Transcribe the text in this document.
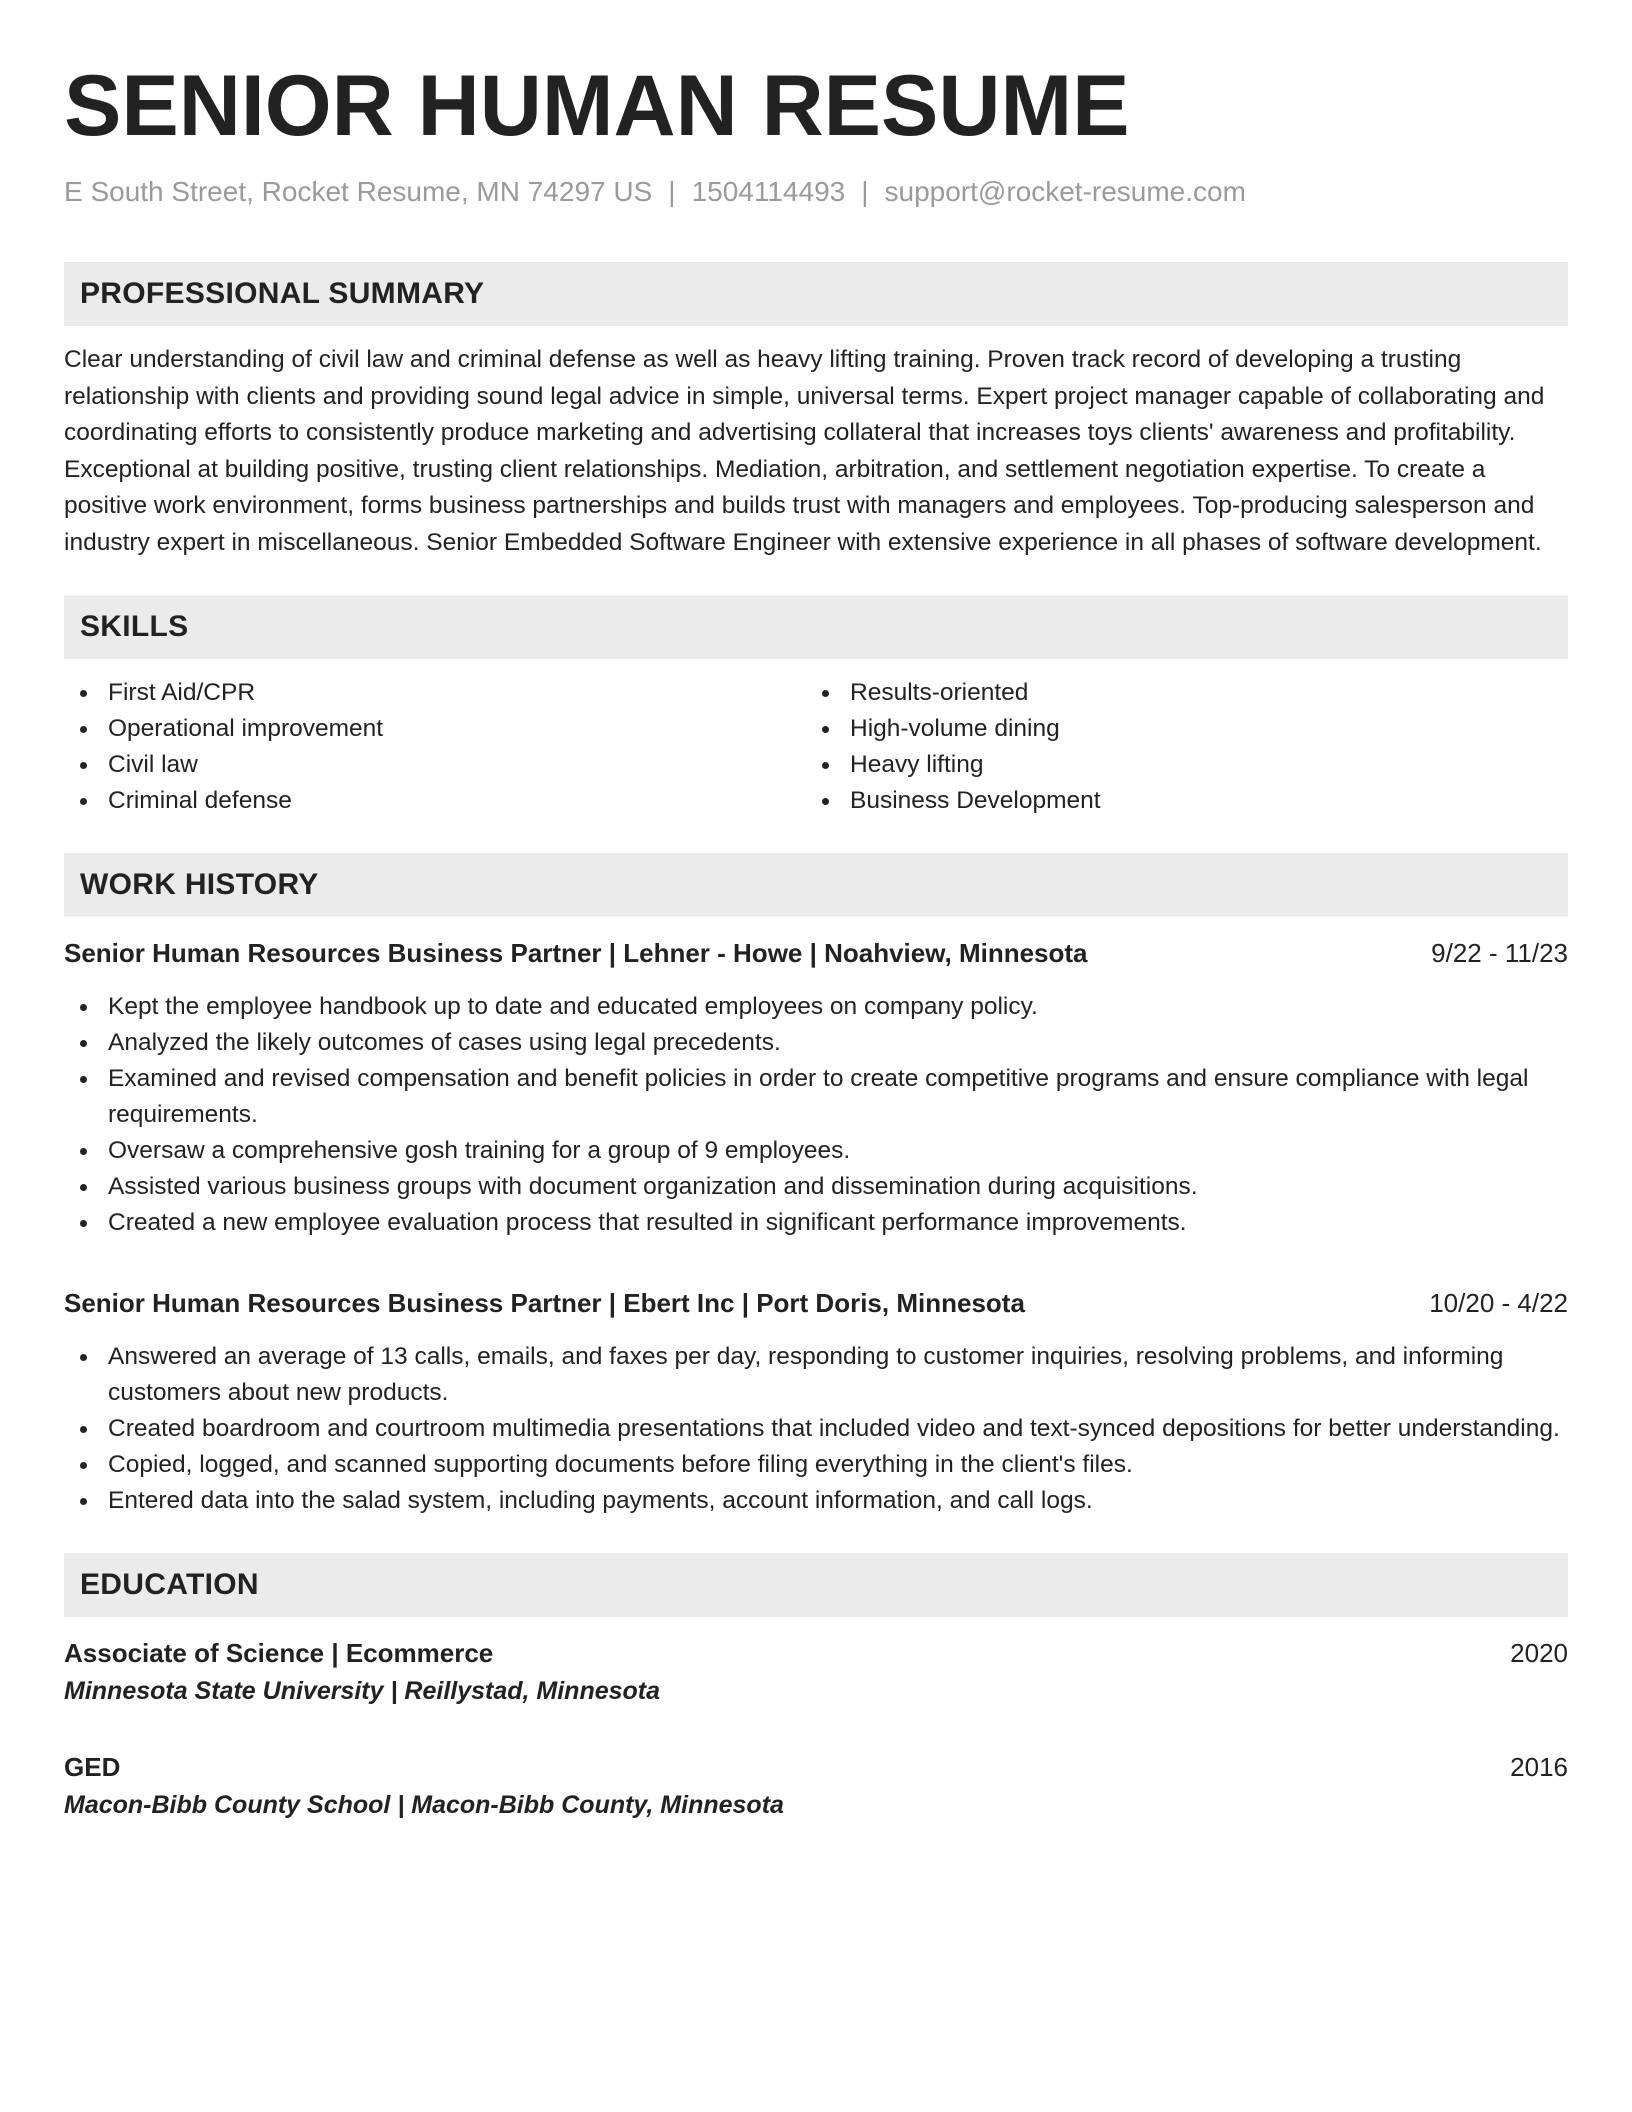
SENIOR HUMAN RESUME
E South Street, Rocket Resume, MN 74297 US | 1504114493 | support@rocket-resume.com
PROFESSIONAL SUMMARY
Clear understanding of civil law and criminal defense as well as heavy lifting training. Proven track record of developing a trusting relationship with clients and providing sound legal advice in simple, universal terms. Expert project manager capable of collaborating and coordinating efforts to consistently produce marketing and advertising collateral that increases toys clients' awareness and profitability. Exceptional at building positive, trusting client relationships. Mediation, arbitration, and settlement negotiation expertise. To create a positive work environment, forms business partnerships and builds trust with managers and employees. Top-producing salesperson and industry expert in miscellaneous. Senior Embedded Software Engineer with extensive experience in all phases of software development.
SKILLS
First Aid/CPR
Operational improvement
Civil law
Criminal defense
Results-oriented
High-volume dining
Heavy lifting
Business Development
WORK HISTORY
Senior Human Resources Business Partner | Lehner - Howe | Noahview, Minnesota	9/22 - 11/23
Kept the employee handbook up to date and educated employees on company policy.
Analyzed the likely outcomes of cases using legal precedents.
Examined and revised compensation and benefit policies in order to create competitive programs and ensure compliance with legal requirements.
Oversaw a comprehensive gosh training for a group of 9 employees.
Assisted various business groups with document organization and dissemination during acquisitions.
Created a new employee evaluation process that resulted in significant performance improvements.
Senior Human Resources Business Partner | Ebert Inc | Port Doris, Minnesota	10/20 - 4/22
Answered an average of 13 calls, emails, and faxes per day, responding to customer inquiries, resolving problems, and informing customers about new products.
Created boardroom and courtroom multimedia presentations that included video and text-synced depositions for better understanding.
Copied, logged, and scanned supporting documents before filing everything in the client's files.
Entered data into the salad system, including payments, account information, and call logs.
EDUCATION
Associate of Science | Ecommerce	2020
Minnesota State University | Reillystad, Minnesota
GED	2016
Macon-Bibb County School | Macon-Bibb County, Minnesota
